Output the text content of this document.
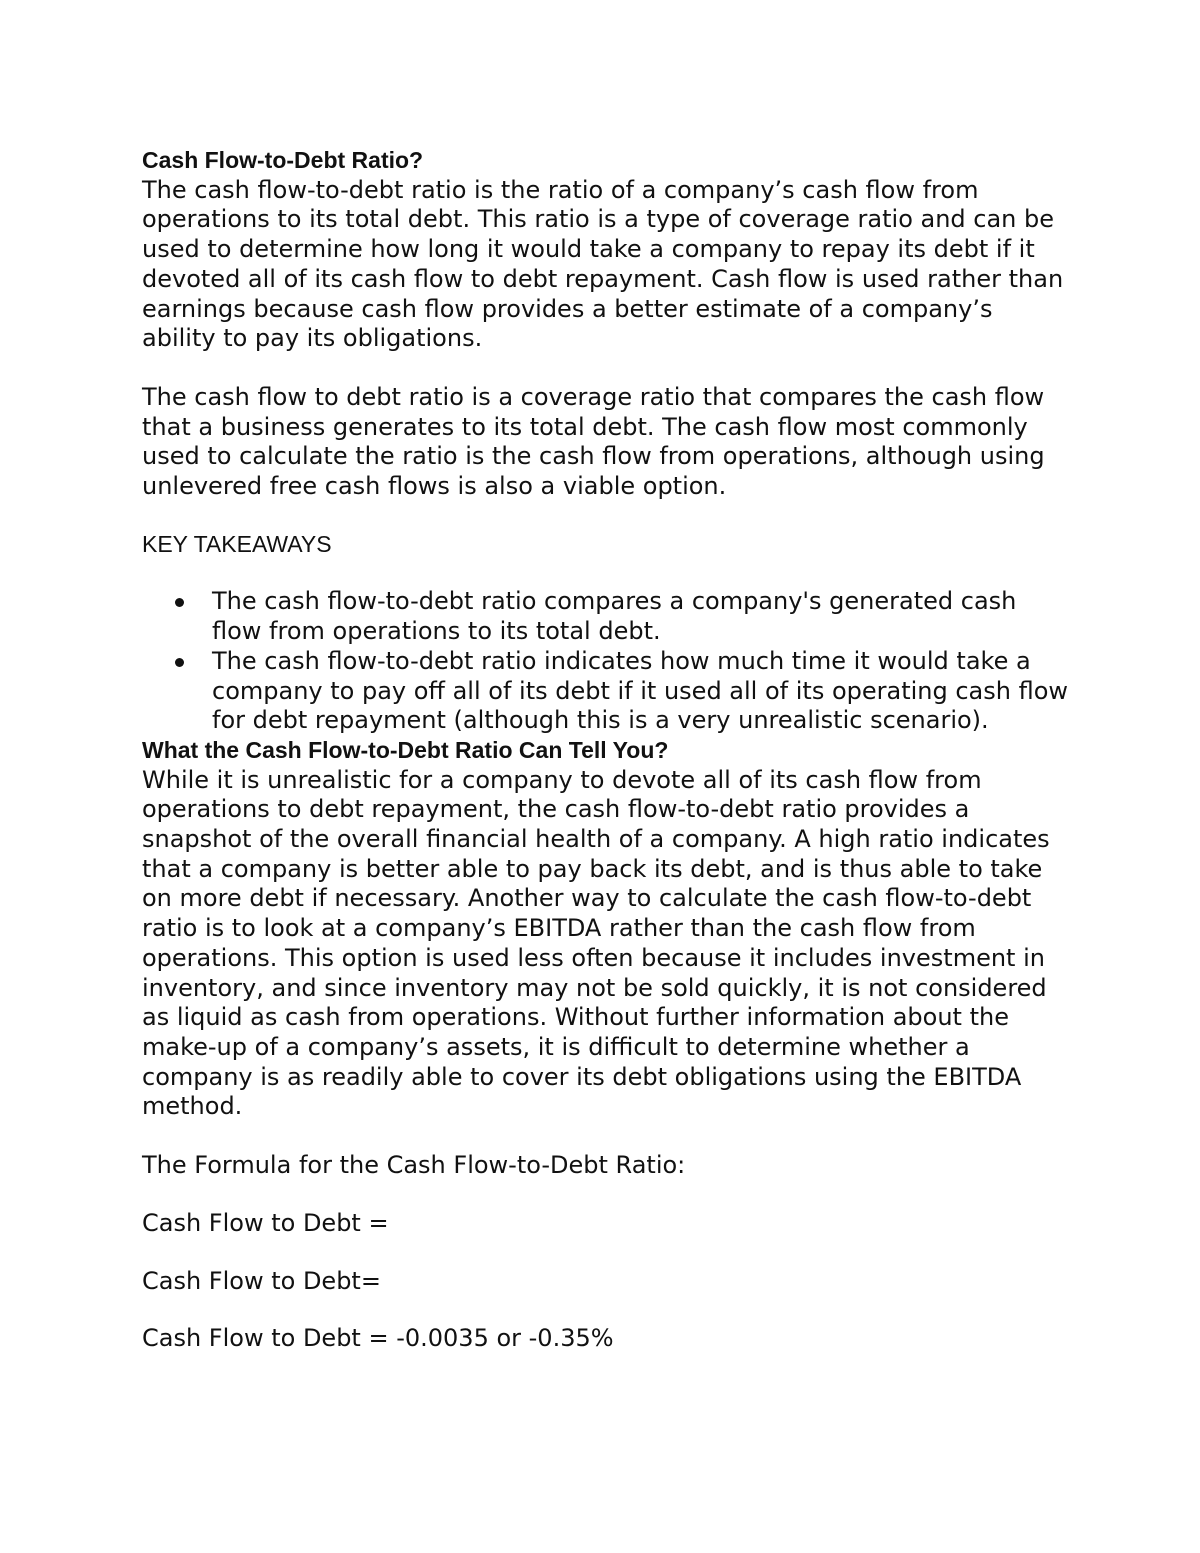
Cash Flow-to-Debt Ratio?

The cash flow-to-debt ratio is the ratio of a company’s cash flow from operations to its total debt. This ratio is a type of coverage ratio and can be used to determine how long it would take a company to repay its debt if it devoted all of its cash flow to debt repayment. Cash flow is used rather than earnings because cash flow provides a better estimate of a company’s ability to pay its obligations.

The cash flow to debt ratio is a coverage ratio that compares the cash flow that a business generates to its total debt. The cash flow most commonly used to calculate the ratio is the cash flow from operations, although using unlevered free cash flows is also a viable option.

KEY TAKEAWAYS

The cash flow-to-debt ratio compares a company's generated cash flow from operations to its total debt.
The cash flow-to-debt ratio indicates how much time it would take a company to pay off all of its debt if it used all of its operating cash flow for debt repayment (although this is a very unrealistic scenario).

What the Cash Flow-to-Debt Ratio Can Tell You?

While it is unrealistic for a company to devote all of its cash flow from operations to debt repayment, the cash flow-to-debt ratio provides a snapshot of the overall financial health of a company. A high ratio indicates that a company is better able to pay back its debt, and is thus able to take on more debt if necessary. Another way to calculate the cash flow-to-debt ratio is to look at a company’s EBITDA rather than the cash flow from operations. This option is used less often because it includes investment in inventory, and since inventory may not be sold quickly, it is not considered as liquid as cash from operations. Without further information about the make-up of a company’s assets, it is difficult to determine whether a company is as readily able to cover its debt obligations using the EBITDA method.

The Formula for the Cash Flow-to-Debt Ratio:

Cash Flow to Debt =

Cash Flow to Debt=

Cash Flow to Debt = -0.0035 or -0.35%
